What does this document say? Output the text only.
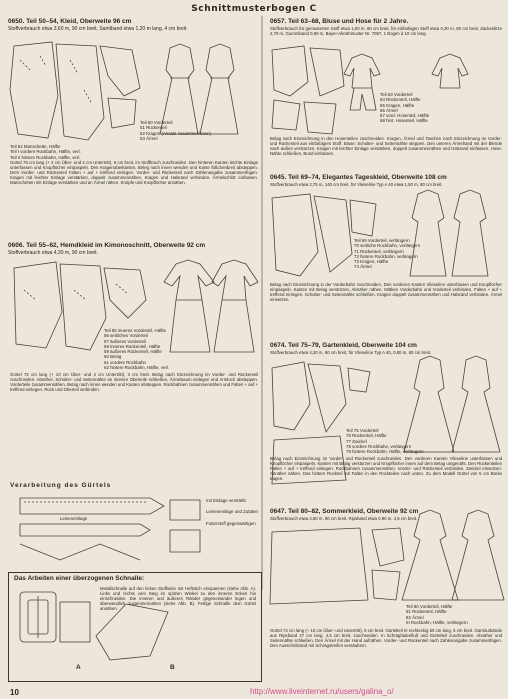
Schnittmusterbogen C
0650. Teil 50–54, Kleid, Oberweite 96 cm
Stoffverbrauch etwa 3,60 m, 90 cm breit, Samtband etwa 1,20 m lang, 4 cm breit
Teil 50 Vorderteil
51 Rückenteil
52 Kragen (Ansatz zusammenlesen)
53 Ärmel
Teil 54 Manschette, Hälfte
Teil I vordere Rockbahn, Hälfte, verl.
Teil II hintere Rockbahn, Hälfte, verl.
Gürtel 76 cm lang (+ 2 cm Über- und 2 cm Untertritt), 6 cm breit, im Stoffbruch zuschneiden. Den hinteren Kanten leichte Einlage unterfassen und Knopflöcher einpaspeln. Den Kragenoberkanten, Beleg nach innen wenden und Kante füßchenbreit absteppen. Dem Vorder- und Rückenteil Falten + auf + treffend einlegen. Vorder- und Rückenteil nach Zahlenangabe zusammenfügen. Kragen mit leichter Einlage verstärken, doppelt zusammennähen, Kragen und Halsrand verbinden. Ärmelschlitz einfassen. Manschetten mit Einlage verstärken und an Ärmel nähen. Knöpfe und Knopflöcher annähen.
0606. Teil 55–62, Hemdkleid im Kimonoschnitt, Oberweite 92 cm
Stoffverbrauch etwa 4,30 m, 90 cm breit.
Teil 55 inneres Vorderteil, Hälfte
56 seitliches Vorderteil
57 äußeres Vorderteil
58 inneres Rückenteil, Hälfte
59 äußeres Rückenteil, Hälfte
60 Belag
61 vordere Rockbahn
62 hintere Rockbahn, Hälfte, verl.
Gürtel 72 cm lang (+ 10 cm Über- und 4 cm Untertritt), 3 cm breit. Belag nach Einzeichnung im Vorder- und Rückenteil zuschneiden. Abnäher, Schulter- und Seitennähte an inneren Oberteile schließen, Ärmelsaum einlegen und Armloch absteppen. Vorderteile zusammennähen, Belag nach innen wenden und Kanten absteppen. Rockbahnen zusammennähen und Falten + auf + treffend einlegen. Rock und Oberteil verbinden.
Verarbeitung des Gürtels
mit Einlage verstärkt
Leineneinlage und Zutaten
Futterstoff gegenwärtigen
Leineneinlage
Das Arbeiten einer überzogenen Schnalle:
Metallschnalle auf den linken Stoffseite mit Heftstich einspannen (siehe Abb. A). Links und rechts vom Steg im spitzen Winkel zu den inneren Ecken hin einschneiden. Die inneren und äußeren Ränder gegeneinander legen und überwendlich zusammennähen (siehe Abb. B). Fertige Schnalle dem Gürtel annähen.
A	B
0657. Teil 63–68, Bluse und Hose für 2 Jahre.
Stoffverbrauch für gemusterten Stoff etwa 1,00 m, 80 cm breit, für einfarbigen Stoff etwa 0,30 m, 80 cm breit, Zackenlitze 2,70 m, Gummiband 0,90 m, Bayer-Abnähmuster Nr. 7057, 1 Bogen à 10 cm lang.
Teil 63 Vorderteil
64 Rückenteil, Hälfte
65 Kragen, Hälfte
66 Ärmel
67 vord. Hosenteil, Hälfte
68 hint. Hosenteil, Hälfte
Belag nach Einzeichnung in den Hosenteilen zuschneiden. Kragen, Ärmel und Taschen nach Einzeichnung im Vorder- und Rückenteil aus einfarbigem Stoff. Bluse: Schulter- und Seitennähte steppen. Den unteren Ärmelrand mit der Blende nach außen verstürzen, Kragen mit leichter Einlage verstärken, doppelt zusammennähen und Halsrand einfassen. Hose: Nähte schließen, Bund einfassen.
0645. Teil 69–74, Elegantes Tageskleid, Oberweite 108 cm
Stoffverbrauch etwa 2,75 m, 140 cm breit, für Vlieseline Typ A 40 etwa 1,50 m, 80 cm breit.
Teil 69 Vorderteil, verlängern
70 seitliche Rockbahn, verlängern
71 Rückenteil, verlängern
72 hintere Rockbahn, verlängern
73 Kragen, Hälfte
74 Ärmel
Belag nach Einzeichnung in der Vorderbahn zuschneiden. Den vorderen Kanten Vlieseline unterfassen und Knopflöcher einpaspeln. Kanten mit Belag verstürzen, Abnäher nähen. Mittlere Vorderbahn und Vorderteil verbinden, Falten + auf + treffend einlegen. Schulter- und Seitennähte schließen. Kragen doppelt zusammennähen und Halsrand verbinden. Ärmel einsetzen.
0674. Teil 75–79, Gartenkleid, Oberweite 104 cm
Stoffverbrauch etwa 4,20 m, 90 cm breit, für Vlieseline Typ A 40, 0,80 m, 80 cm breit.
Teil 75 Vorderteil
76 Rückenteil, Hälfte
77 Zwickel
78 vordere Rockbahn, verlängern
79 hintere Rockbahn, Hälfte, verlängern
Belag nach Einzeichnung im Vorder- und Rückenteil zuschneiden. Den vorderen Kanten Vlieseline unterfassen und Knopflöcher einpaspeln. Kanten mit Belag verstürzen und Knopflöcher innen auf dem Belag umgenäht. Den Rückenteilen Falten + auf + treffend einlegen. Rockbahnen zusammennähen. Vorder- und Rückenteil verbinden. Zwickel einsetzen. Abnäher nähen. Das hintere Rockteil mit Falten in den Rockteilen nach unten. Zu dem Modell Gürtel von 5 cm Breite tragen.
0647. Teil 80–82, Sommerkleid, Oberweite 92 cm
Stoffverbrauch etwa 4,50 m, 80 cm breit, Ripsband etwa 0,90 m, 4,5 cm breit.
Teil 80 Vorderteil, Hälfte
81 Rückenteil, Hälfte
82 Ärmel
III Rockbahn, Hälfte, verlängern
Gürtel 74 cm lang (+ 10 cm Über- und Untertritt), 6 cm breit. Gürtelteil III rechteckig 50 cm lang, 5 cm breit. Garniturbände aus Ripsband 27 cm lang, 4,5 cm breit, zuschneiden. In Schrägfadenfluß und Gürtelteil zuschneiden. Abnäher und Seitennähte schließen. Den Ärmel mit der Hand aufnähen. Vorder- und Rückenteil nach Zahlenangabe zusammenfügen. Den Ausschnittrand mit Schrägstreifen versäubern.
10	http://www.liveinternet.ru/users/galina_o/
